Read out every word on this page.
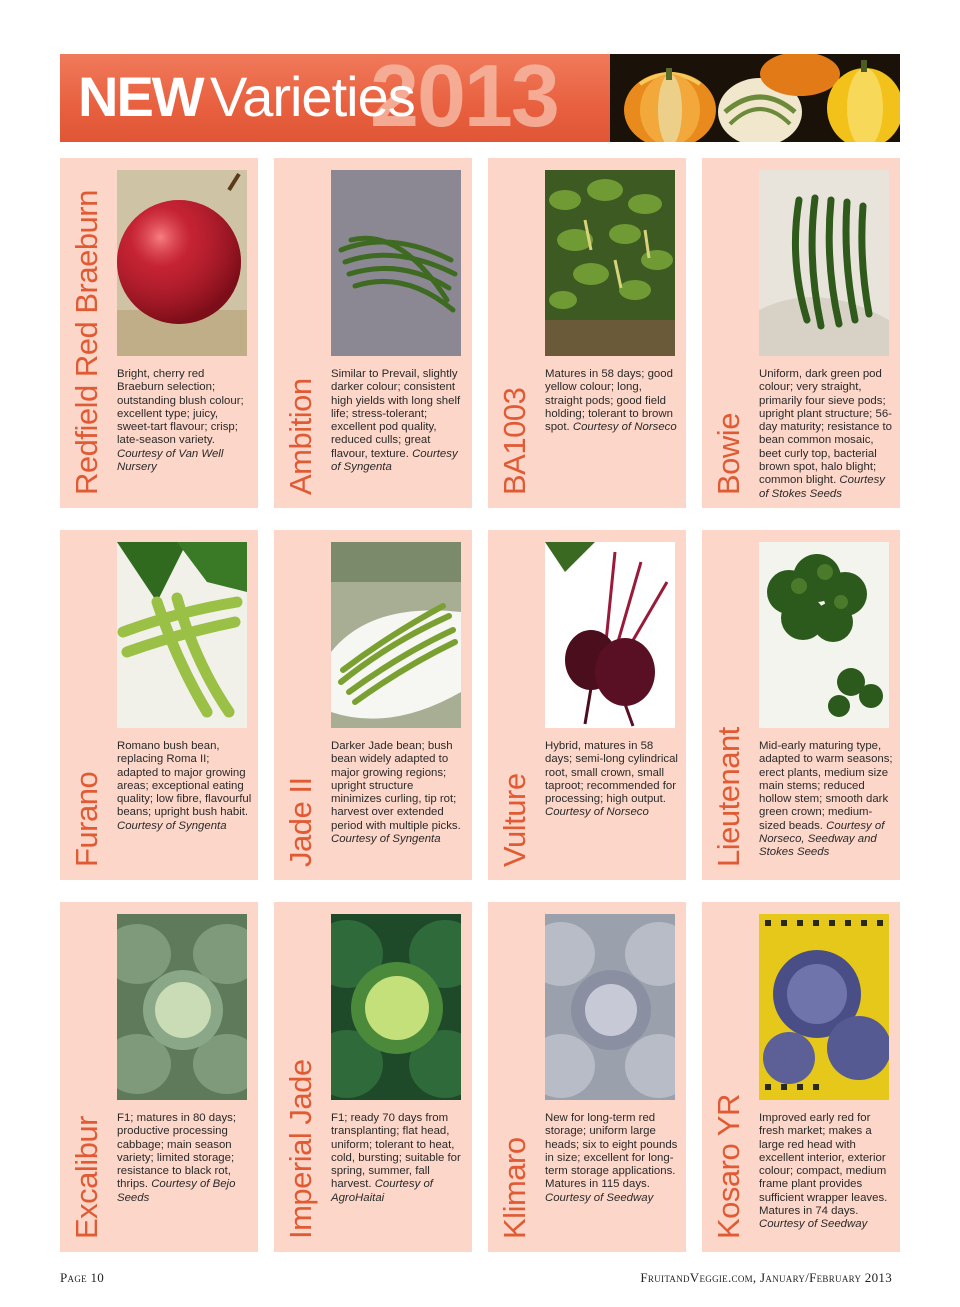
2013
NEW Varieties
Redfield Red Braeburn	Bright, cherry red Braeburn selection; outstanding blush colour; excellent type; juicy, sweet-tart flavour; crisp; late-season variety. Courtesy of Van Well Nursery	Ambition
Similar to Prevail, slightly darker colour; consistent high yields with long shelf life; stress-tolerant; excellent pod quality, reduced culls; great flavour, texture. Courtesy of Syngenta	BA1003
Matures in 58 days; good yellow colour; long, straight pods; good field holding; tolerant to brown spot. Courtesy of Norseco Bowie
Uniform, dark green pod colour; very straight, primarily four sieve pods; upright plant structure; 56-day maturity; resistance to bean common mosaic, beet curly top, bacterial brown spot, halo blight; common blight. Courtesy of Stokes Seeds
Furano
Romano bush bean, replacing Roma II; adapted to major growing areas; exceptional eating quality; low fibre, flavourful beans; upright bush habit. Courtesy of Syngenta	Jade II
Darker Jade bean; bush bean widely adapted to major growing regions; upright structure minimizes curling, tip rot; harvest over extended period with multiple picks. Courtesy of Syngenta	Vulture
Hybrid, matures in 58 days; semi-long cylindrical root, small crown, small taproot; recommended for processing; high output. Courtesy of Norseco	Lieutenant	Mid-early maturing type, adapted to warm seasons; erect plants, medium size main stems; reduced hollow stem; smooth dark green crown; medium-sized beads. Courtesy of Norseco, Seedway and Stokes Seeds
Excalibur	F1; matures in 80 days; productive processing cabbage; main season variety; limited storage; resistance to black rot, thrips. Courtesy of Bejo Seeds	Imperial Jade	F1; ready 70 days from transplanting; flat head, uniform; tolerant to heat, cold, bursting; suitable for spring, summer, fall harvest. Courtesy of AgroHaitai	Klimaro
New for long-term red storage; uniform large heads; six to eight pounds in size; excellent for long-term storage applications. Matures in 115 days. Courtesy of Seedway	Kosaro YR	Improved early red for fresh market; makes a large red head with excellent interior, exterior colour; compact, medium frame plant provides sufficient wrapper leaves. Matures in 74 days. Courtesy of Seedway
Page 10	FruitandVeggie.com, January/February 2013
